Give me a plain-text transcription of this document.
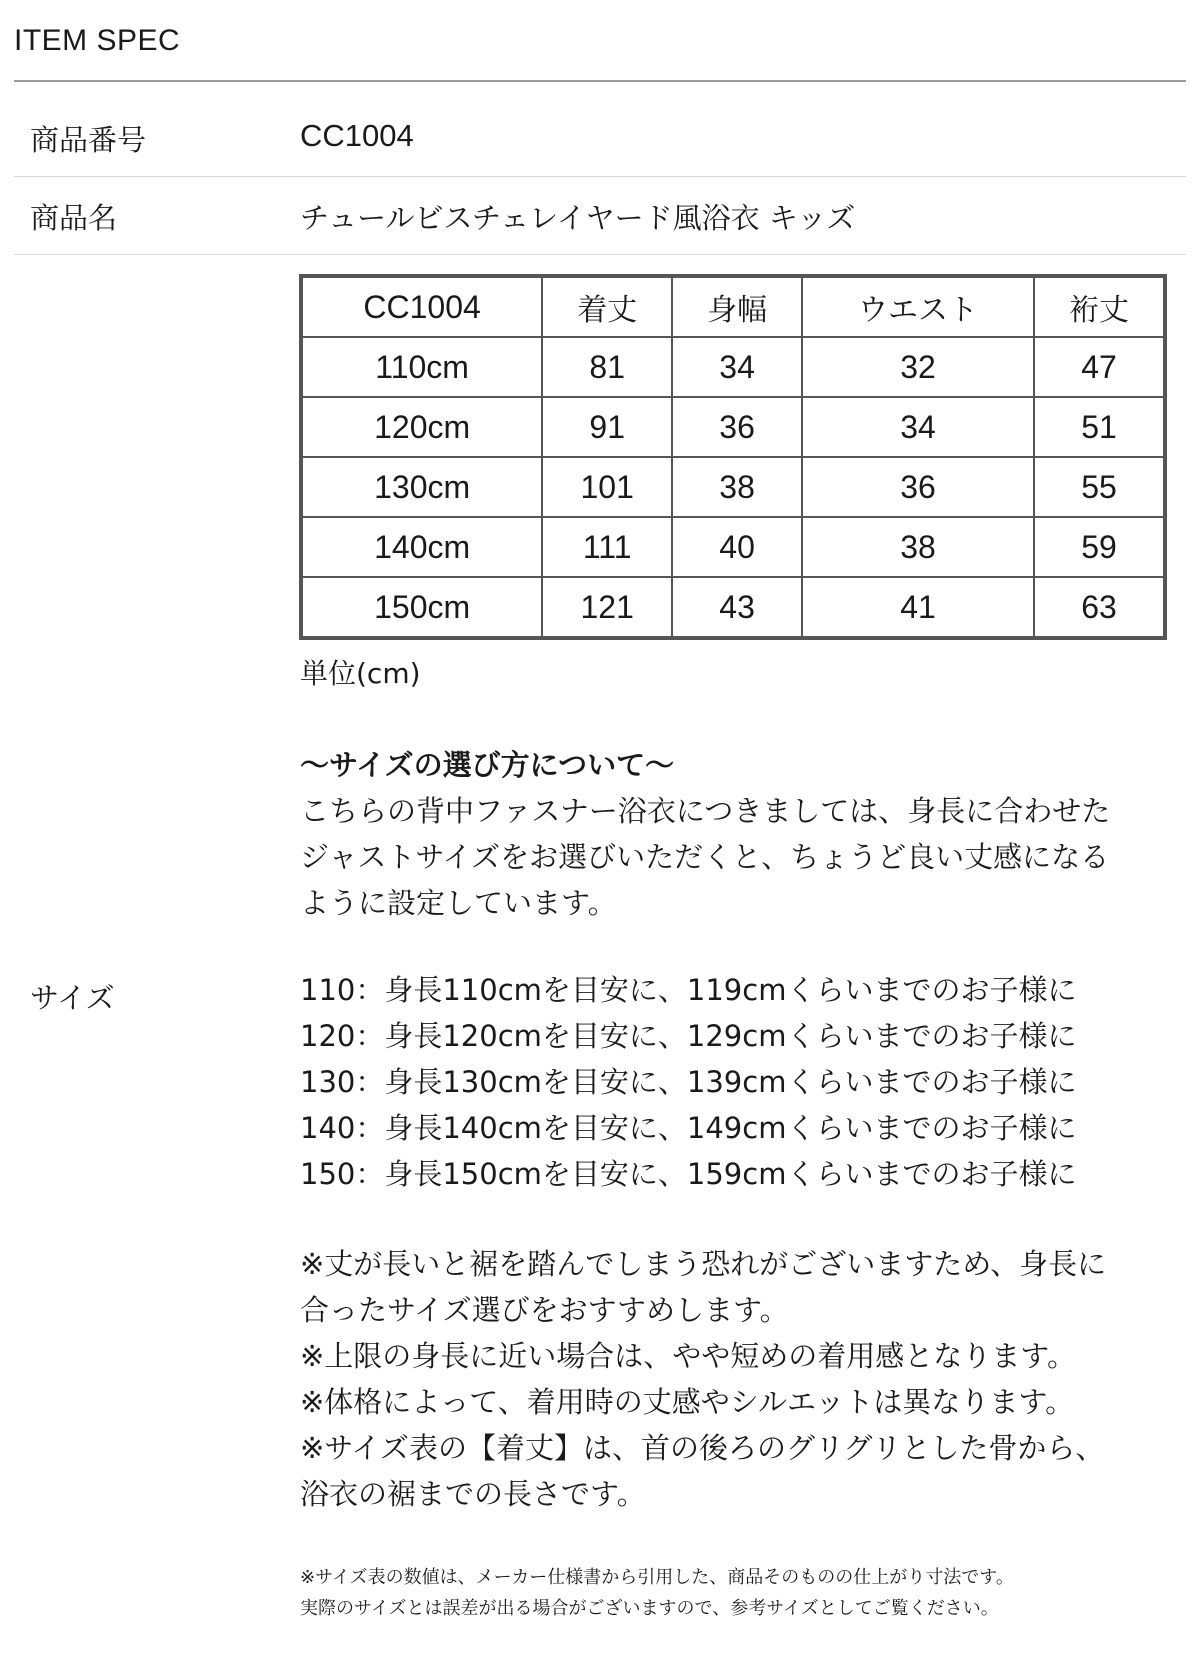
ITEM SPEC
商品番号	CC1004
商品名	チュールビスチェレイヤード風浴衣 キッズ
CC1004	着丈	身幅	ウエスト	裄丈
110cm	81	34	32	47
120cm	91	36	34	51
130cm	101	38	36	55
140cm	111	40	38	59
150cm	121	43	41	63
単位(cm)
〜サイズの選び方について〜
こちらの背中ファスナー浴衣につきましては、身長に合わせた
ジャストサイズをお選びいただくと、ちょうど良い丈感になる
ように設定しています。
サイズ	110：身長110cmを目安に、119cmくらいまでのお子様に
120：身長120cmを目安に、129cmくらいまでのお子様に
130：身長130cmを目安に、139cmくらいまでのお子様に
140：身長140cmを目安に、149cmくらいまでのお子様に
150：身長150cmを目安に、159cmくらいまでのお子様に
※丈が長いと裾を踏んでしまう恐れがございますため、身長に
合ったサイズ選びをおすすめします。
※上限の身長に近い場合は、やや短めの着用感となります。
※体格によって、着用時の丈感やシルエットは異なります。
※サイズ表の【着丈】は、首の後ろのグリグリとした骨から、
浴衣の裾までの長さです。
※サイズ表の数値は、メーカー仕様書から引用した、商品そのものの仕上がり寸法です。
実際のサイズとは誤差が出る場合がございますので、参考サイズとしてご覧ください。
